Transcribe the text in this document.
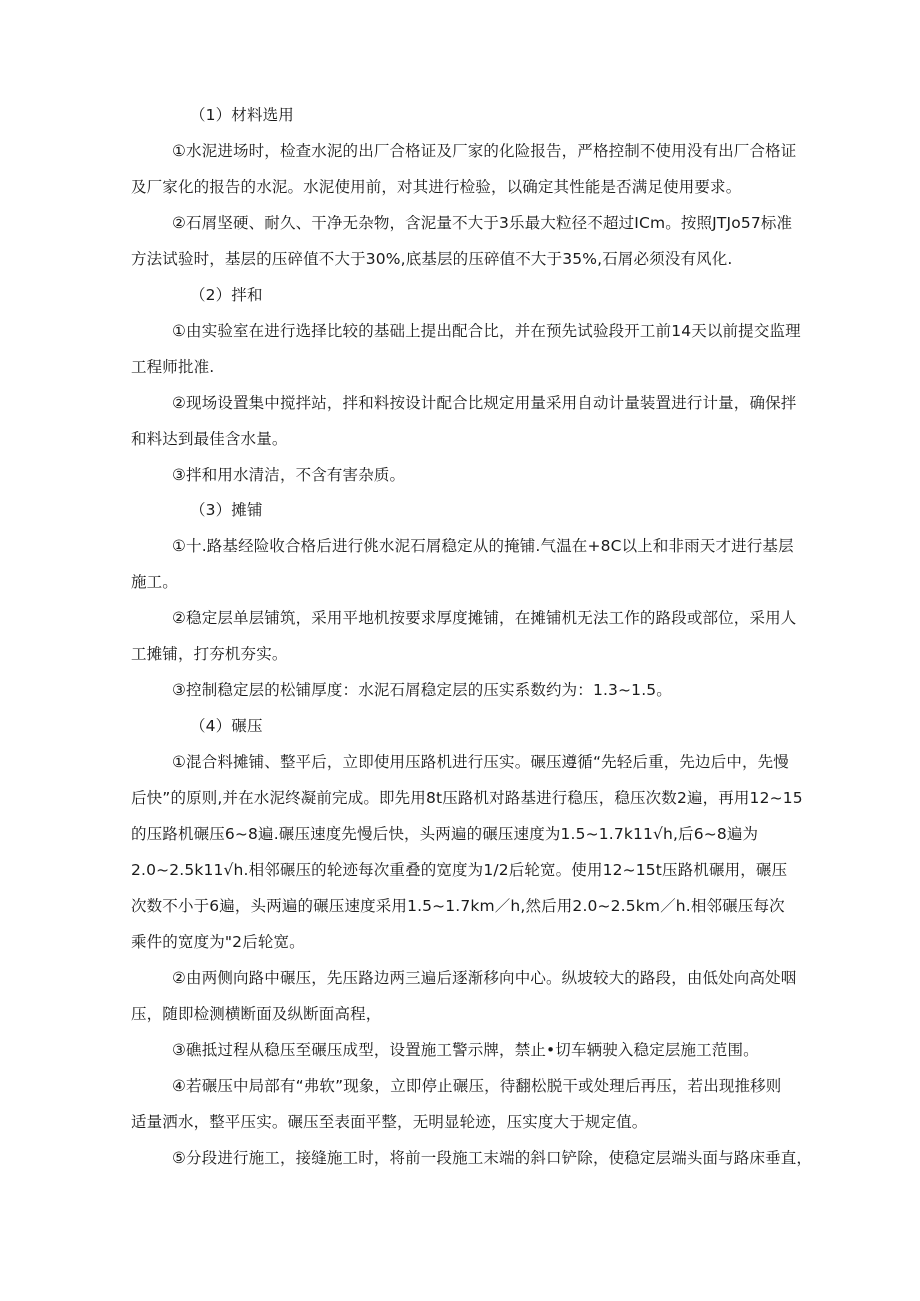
（1）材料选用

①水泥进场时，检查水泥的出厂合格证及厂家的化险报告，严格控制不使用没有出厂合格证

及厂家化的报告的水泥。水泥使用前，对其进行检验，以确定其性能是否满足使用要求。

②石屑坚硬、耐久、干净无杂物，含泥量不大于3乐最大粒径不超过ICm。按照JTJo57标准

方法试验时，基层的压碎值不大于30%,底基层的压碎值不大于35%,石屑必须没有风化.

（2）拌和

①由实验室在进行选择比较的基础上提出配合比，并在预先试验段开工前14天以前提交监理

工程师批准.

②现场设置集中搅拌站，拌和料按设计配合比规定用量采用自动计量装置进行计量，确保拌

和料达到最佳含水量。

③拌和用水清洁，不含有害杂质。

（3）摊铺

①十.路基经险收合格后进行佻水泥石屑稳定从的掩铺.气温在+8C以上和非雨天才进行基层

施工。

②稳定层单层铺筑，采用平地机按要求厚度摊铺，在摊铺机无法工作的路段或部位，采用人

工摊铺，打夯机夯实。

③控制稳定层的松铺厚度：水泥石屑稳定层的压实系数约为：1.3~1.5。

（4）碾压

①混合料摊铺、整平后，立即使用压路机进行压实。碾压遵循“先轻后重，先边后中，先慢

后快”的原则,并在水泥终凝前完成。即先用8t压路机对路基进行稳压，稳压次数2遍，再用12~15

的压路机碾压6~8遍.碾压速度先慢后快，头两遍的碾压速度为1.5~1.7k11√h,后6~8遍为

2.0~2.5k11√h.相邻碾压的轮迹每次重叠的宽度为1/2后轮宽。使用12~15t压路机碾用，碾压

次数不小于6遍，头两遍的碾压速度采用1.5~1.7km／h,然后用2.0~2.5km／h.相邻碾压每次

乘件的宽度为"2后轮宽。

②由两侧向路中碾压，先压路边两三遍后逐渐移向中心。纵坡较大的路段，由低处向高处咽

压，随即检测横断面及纵断面高程，

③礁抵过程从稳压至碾压成型，设置施工警示牌，禁止•切车辆驶入稳定层施工范围。

④若碾压中局部有“弗软”现象，立即停止碾压，待翻松脱干或处理后再压，若出现推移则

适量洒水，整平压实。碾压至表面平整，无明显轮迹，压实度大于规定值。

⑤分段进行施工，接缝施工时，将前一段施工末端的斜口铲除，使稳定层端头面与路床垂直，
